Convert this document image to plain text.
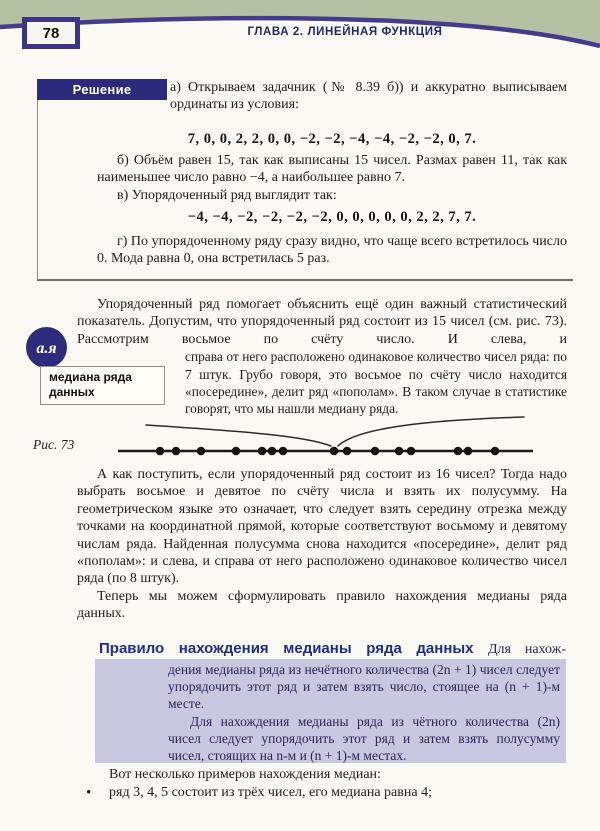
78	ГЛАВА 2. ЛИНЕЙНАЯ ФУНКЦИЯ
Решение	а) Открываем задачник (№ 8.39 б)) и аккуратно выписываем ординаты из условия:
7, 0, 0, 2, 2, 0, 0, −2, −2, −4, −4, −2, −2, 0, 7.

б) Объём равен 15, так как выписаны 15 чисел. Размах равен 11, так как наименьшее число равно −4, а наибольшее равно 7.

в) Упорядоченный ряд выглядит так:

−4, −4, −2, −2, −2, −2, 0, 0, 0, 0, 0, 2, 2, 7, 7.

г) По упорядоченному ряду сразу видно, что чаще всего встретилось число 0. Мода равна 0, она встретилась 5 раз.

а.я
медиана ряда данных
Упорядоченный ряд помогает объяснить ещё один важный статистический показатель. Допустим, что упорядоченный ряд состоит из 15 чисел (см. рис. 73). Рассмотрим восьмое по счёту число. И слева, и
справа от него расположено одинаковое количество чисел ряда: по 7 штук. Грубо говоря, это восьмое по счёту число находится «посередине», делит ряд «пополам». В таком случае в статистике говорят, что мы нашли медиану ряда.
Рис. 73

А как поступить, если упорядоченный ряд состоит из 16 чисел? Тогда надо выбрать восьмое и девятое по счёту числа и взять их полусумму. На геометрическом языке это означает, что следует взять середину отрезка между точками на координатной прямой, которые соответствуют восьмому и девятому числам ряда. Найденная полусумма снова находится «посередине», делит ряд «пополам»: и слева, и справа от него расположено одинаковое количество чисел ряда (по 8 штук).

Теперь мы можем сформулировать правило нахождения медианы ряда данных.

Правило нахождения медианы ряда данных Для нахож-

дения медианы ряда из нечётного количества (2n + 1) чисел следует упорядочить этот ряд и затем взять число, стоящее на (n + 1)-м месте.

Для нахождения медианы ряда из чётного количества (2n) чисел следует упорядочить этот ряд и затем взять полусумму чисел, стоящих на n-м и (n + 1)-м местах.

Вот несколько примеров нахождения медиан:

• ряд 3, 4, 5 состоит из трёх чисел, его медиана равна 4;
